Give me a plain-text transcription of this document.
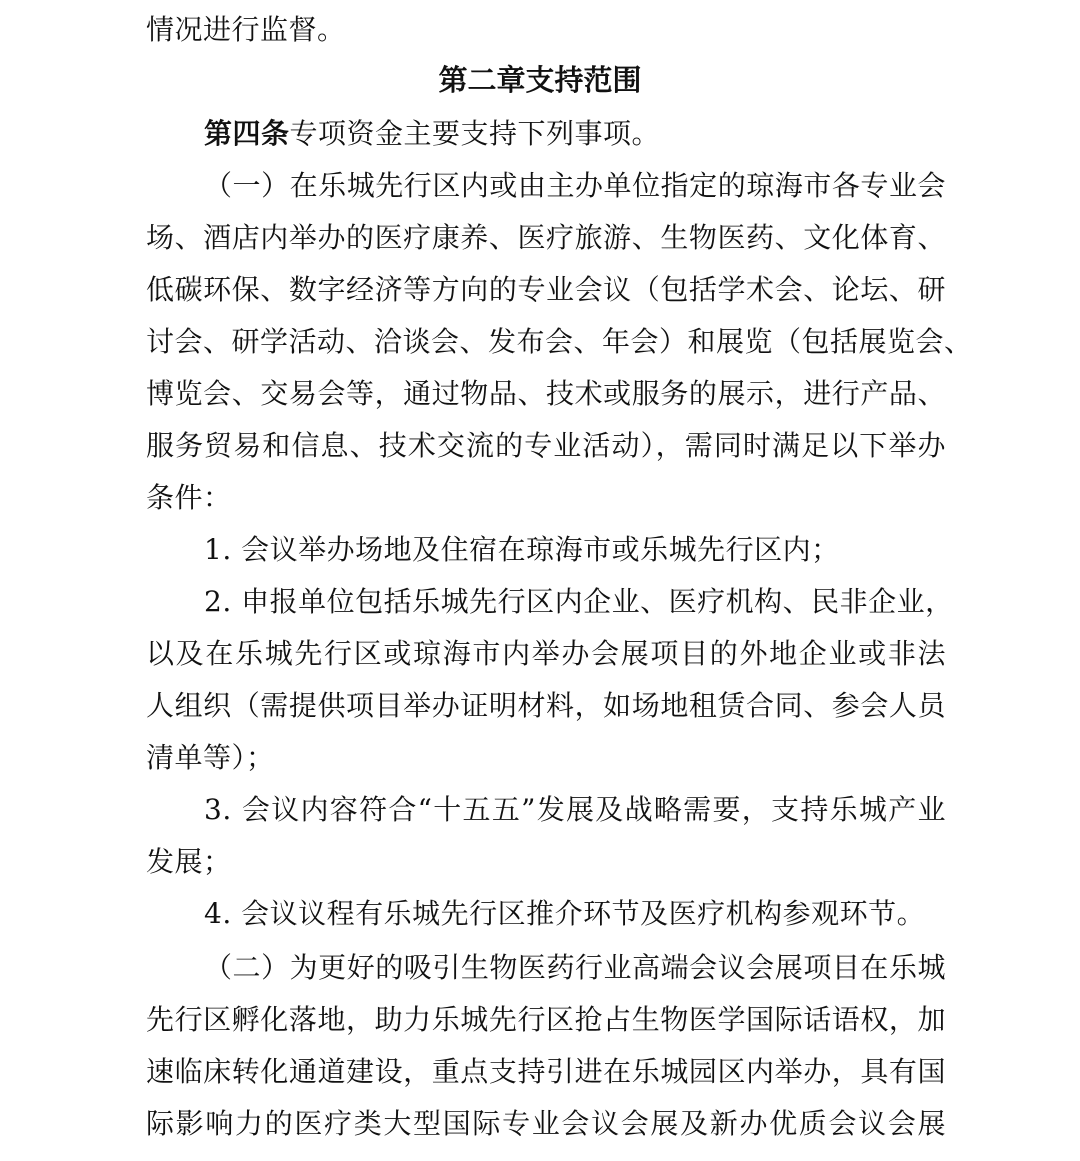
情况进行监督。
第二章支持范围
第四条专项资金主要支持下列事项。
（一）在乐城先行区内或由主办单位指定的琼海市各专业会
场、酒店内举办的医疗康养、医疗旅游、生物医药、文化体育、
低碳环保、数字经济等方向的专业会议（包括学术会、论坛、研
讨会、研学活动、洽谈会、发布会、年会）和展览（包括展览会、
博览会、交易会等，通过物品、技术或服务的展示，进行产品、
服务贸易和信息、技术交流的专业活动），需同时满足以下举办
条件：
1. 会议举办场地及住宿在琼海市或乐城先行区内；
2. 申报单位包括乐城先行区内企业、医疗机构、民非企业，
以及在乐城先行区或琼海市内举办会展项目的外地企业或非法
人组织（需提供项目举办证明材料，如场地租赁合同、参会人员
清单等）；
3. 会议内容符合“十五五”发展及战略需要，支持乐城产业
发展；
4. 会议议程有乐城先行区推介环节及医疗机构参观环节。
（二）为更好的吸引生物医药行业高端会议会展项目在乐城
先行区孵化落地，助力乐城先行区抢占生物医学国际话语权，加
速临床转化通道建设，重点支持引进在乐城园区内举办，具有国
际影响力的医疗类大型国际专业会议会展及新办优质会议会展
